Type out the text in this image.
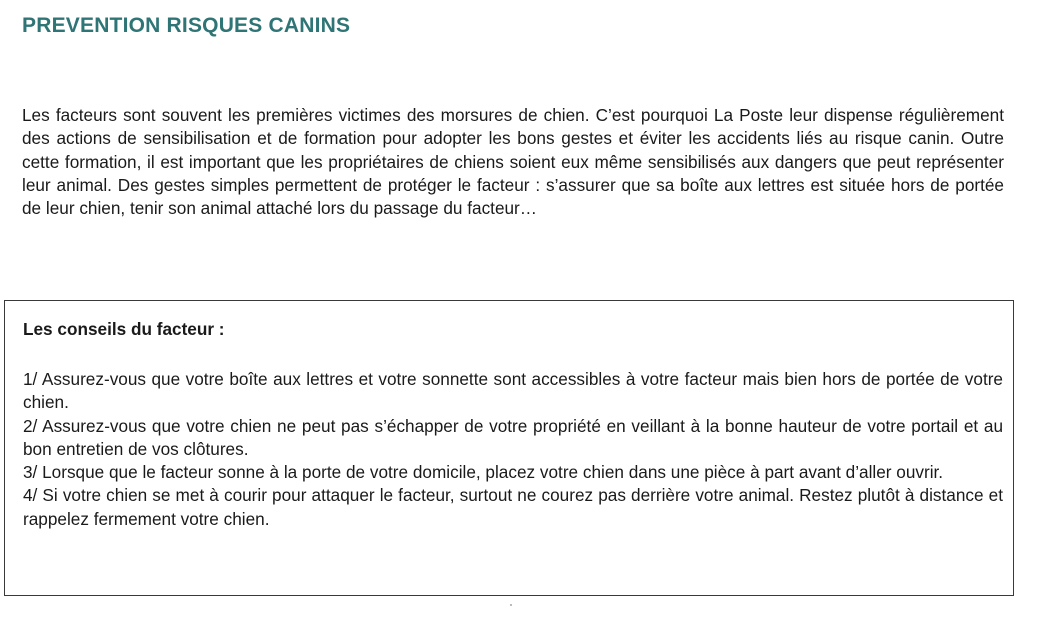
PREVENTION RISQUES CANINS

Les facteurs sont souvent les premières victimes des morsures de chien. C’est pourquoi La Poste leur dispense régulièrement des actions de sensibilisation et de formation pour adopter les bons gestes et éviter les accidents liés au risque canin. Outre cette formation, il est important que les propriétaires de chiens soient eux même sensibilisés aux dangers que peut représenter leur animal. Des gestes simples permettent de protéger le facteur : s’assurer que sa boîte aux lettres est située hors de portée de leur chien, tenir son animal attaché lors du passage du facteur…

Les conseils du facteur :
1/ Assurez-vous que votre boîte aux lettres et votre sonnette sont accessibles à votre facteur mais bien hors de portée de votre chien.
2/ Assurez-vous que votre chien ne peut pas s’échapper de votre propriété en veillant à la bonne hauteur de votre portail et au bon entretien de vos clôtures.
3/ Lorsque que le facteur sonne à la porte de votre domicile, placez votre chien dans une pièce à part avant d’aller ouvrir.
4/ Si votre chien se met à courir pour attaquer le facteur, surtout ne courez pas derrière votre animal. Restez plutôt à distance et rappelez fermement votre chien.
